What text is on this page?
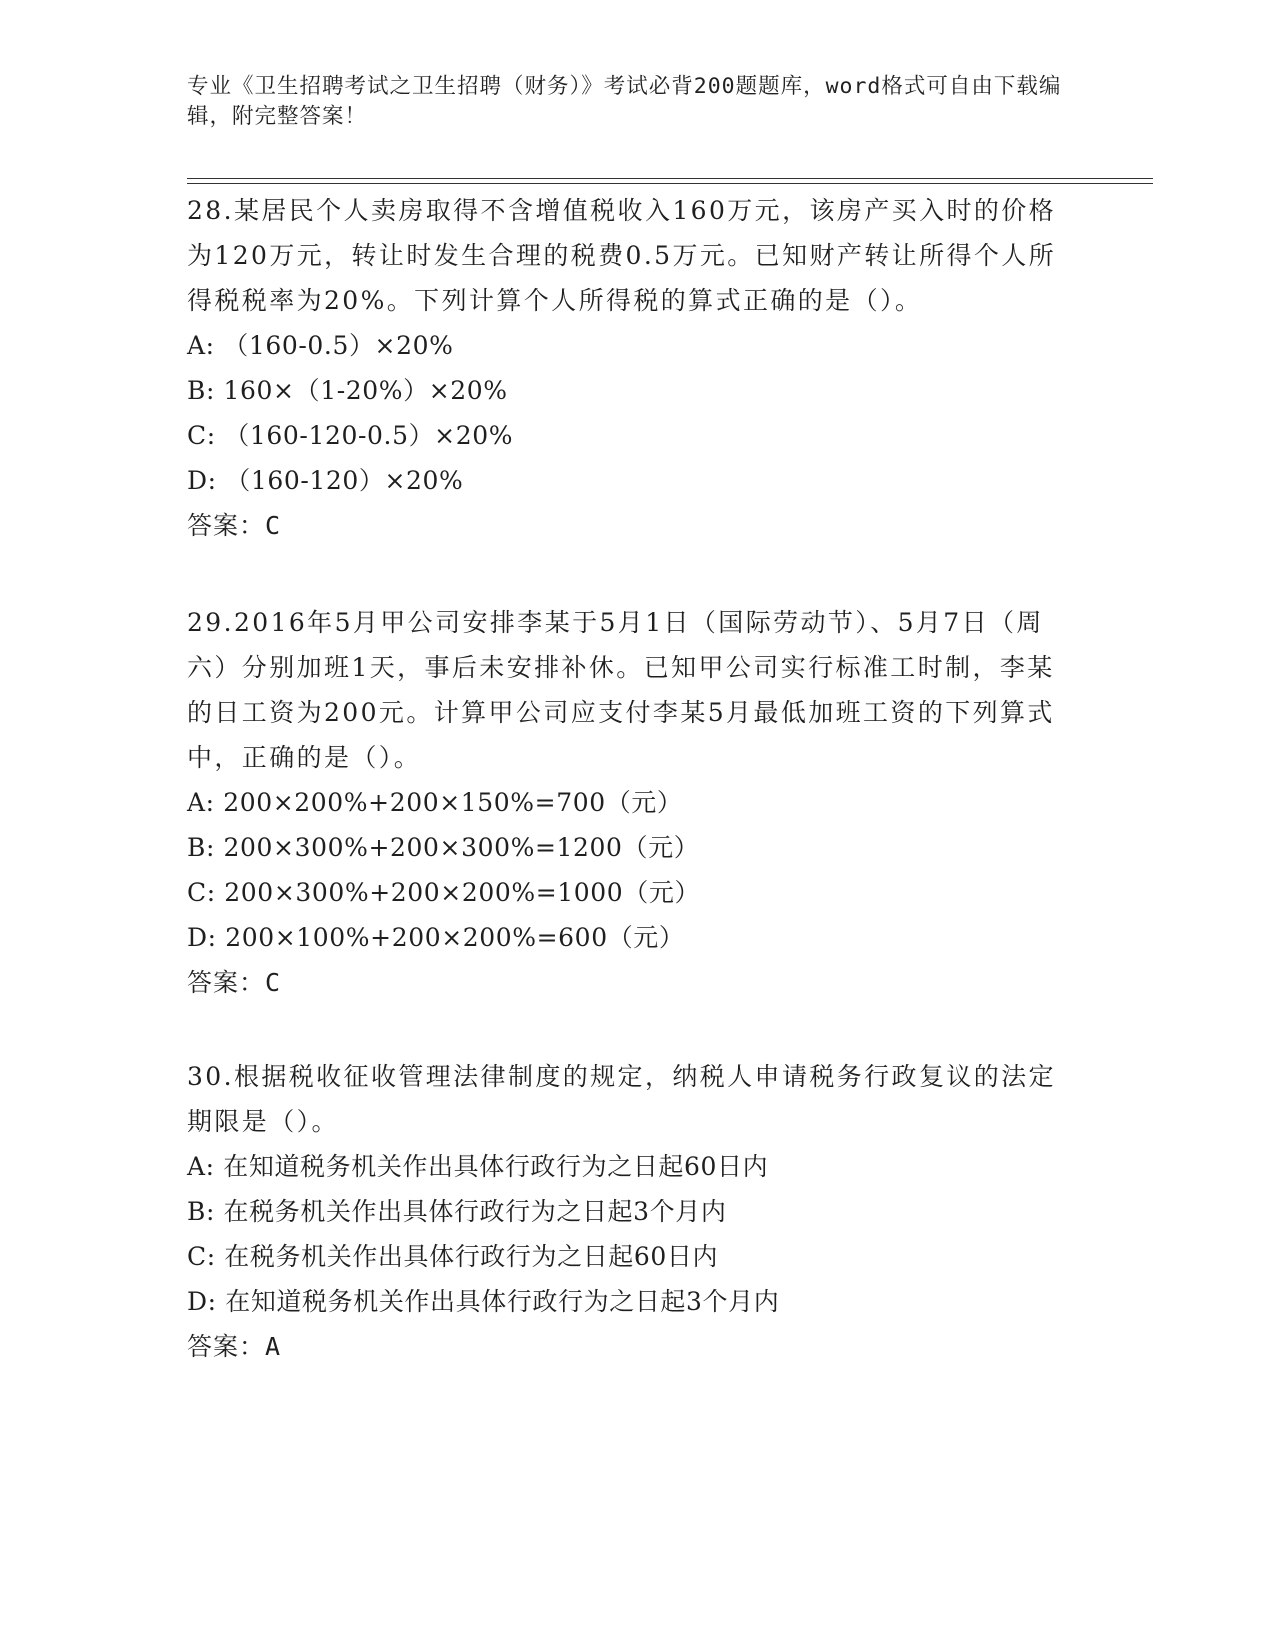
专业《卫生招聘考试之卫生招聘（财务）》考试必背200题题库，word格式可自由下载编辑，附完整答案！
28.某居民个人卖房取得不含增值税收入160万元，该房产买入时的价格为120万元，转让时发生合理的税费0.5万元。已知财产转让所得个人所得税税率为20%。下列计算个人所得税的算式正确的是（）。
A: （160-0.5）×20%
B: 160×（1-20%）×20%
C: （160-120-0.5）×20%
D: （160-120）×20%
答案：C
29.2016年5月甲公司安排李某于5月1日（国际劳动节）、5月7日（周六）分别加班1天，事后未安排补休。已知甲公司实行标准工时制，李某的日工资为200元。计算甲公司应支付李某5月最低加班工资的下列算式中，正确的是（）。
A: 200×200%+200×150%=700（元）
B: 200×300%+200×300%=1200（元）
C: 200×300%+200×200%=1000（元）
D: 200×100%+200×200%=600（元）
答案：C
30.根据税收征收管理法律制度的规定，纳税人申请税务行政复议的法定期限是（）。
A: 在知道税务机关作出具体行政行为之日起60日内
B: 在税务机关作出具体行政行为之日起3个月内
C: 在税务机关作出具体行政行为之日起60日内
D: 在知道税务机关作出具体行政行为之日起3个月内
答案：A
